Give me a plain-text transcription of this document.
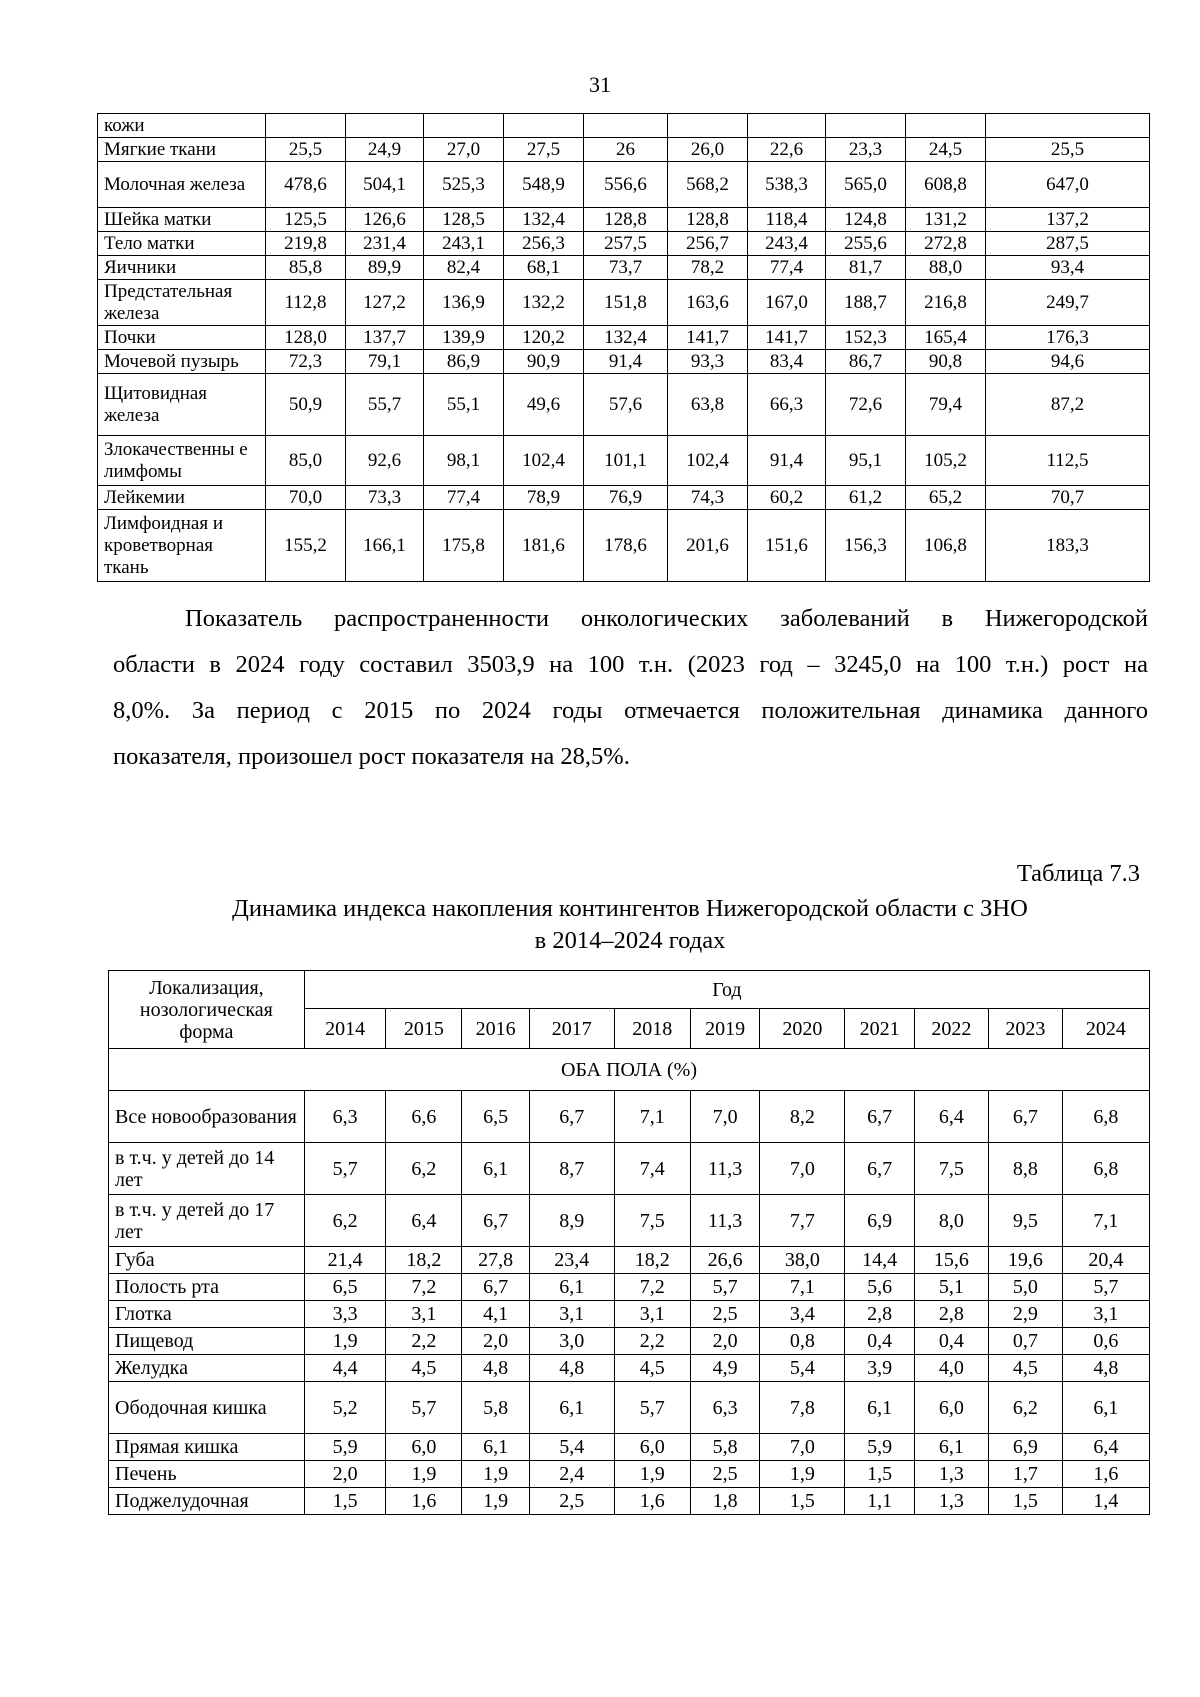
31
кожи										
Мягкие ткани	25,5	24,9	27,0	27,5	26	26,0	22,6	23,3	24,5	25,5
Молочная железа	478,6	504,1	525,3	548,9	556,6	568,2	538,3	565,0	608,8	647,0
Шейка матки	125,5	126,6	128,5	132,4	128,8	128,8	118,4	124,8	131,2	137,2
Тело матки	219,8	231,4	243,1	256,3	257,5	256,7	243,4	255,6	272,8	287,5
Яичники	85,8	89,9	82,4	68,1	73,7	78,2	77,4	81,7	88,0	93,4
Предстательная железа	112,8	127,2	136,9	132,2	151,8	163,6	167,0	188,7	216,8	249,7
Почки	128,0	137,7	139,9	120,2	132,4	141,7	141,7	152,3	165,4	176,3
Мочевой пузырь	72,3	79,1	86,9	90,9	91,4	93,3	83,4	86,7	90,8	94,6
Щитовидная железа	50,9	55,7	55,1	49,6	57,6	63,8	66,3	72,6	79,4	87,2
Злокачественны е лимфомы	85,0	92,6	98,1	102,4	101,1	102,4	91,4	95,1	105,2	112,5
Лейкемии	70,0	73,3	77,4	78,9	76,9	74,3	60,2	61,2	65,2	70,7
Лимфоидная и кроветворная ткань	155,2	166,1	175,8	181,6	178,6	201,6	151,6	156,3	106,8	183,3
Показатель распространенности онкологических заболеваний в Нижегородской
области в 2024 году составил 3503,9 на 100 т.н. (2023 год – 3245,0 на 100 т.н.) рост на
8,0%. За период с 2015 по 2024 годы отмечается положительная динамика данного
показателя, произошел рост показателя на 28,5%.
Таблица 7.3
Динамика индекса накопления контингентов Нижегородской области с ЗНО
в 2014–2024 годах
Локализация, нозологическая форма	Год										
	2014	2015	2016	2017	2018	2019	2020	2021	2022	2023	2024
ОБА ПОЛА (%)											
Все новообразования	6,3	6,6	6,5	6,7	7,1	7,0	8,2	6,7	6,4	6,7	6,8
в т.ч. у детей до 14 лет	5,7	6,2	6,1	8,7	7,4	11,3	7,0	6,7	7,5	8,8	6,8
в т.ч. у детей до 17 лет	6,2	6,4	6,7	8,9	7,5	11,3	7,7	6,9	8,0	9,5	7,1
Губа	21,4	18,2	27,8	23,4	18,2	26,6	38,0	14,4	15,6	19,6	20,4
Полость рта	6,5	7,2	6,7	6,1	7,2	5,7	7,1	5,6	5,1	5,0	5,7
Глотка	3,3	3,1	4,1	3,1	3,1	2,5	3,4	2,8	2,8	2,9	3,1
Пищевод	1,9	2,2	2,0	3,0	2,2	2,0	0,8	0,4	0,4	0,7	0,6
Желудка	4,4	4,5	4,8	4,8	4,5	4,9	5,4	3,9	4,0	4,5	4,8
Ободочная кишка	5,2	5,7	5,8	6,1	5,7	6,3	7,8	6,1	6,0	6,2	6,1
Прямая кишка	5,9	6,0	6,1	5,4	6,0	5,8	7,0	5,9	6,1	6,9	6,4
Печень	2,0	1,9	1,9	2,4	1,9	2,5	1,9	1,5	1,3	1,7	1,6
Поджелудочная	1,5	1,6	1,9	2,5	1,6	1,8	1,5	1,1	1,3	1,5	1,4
